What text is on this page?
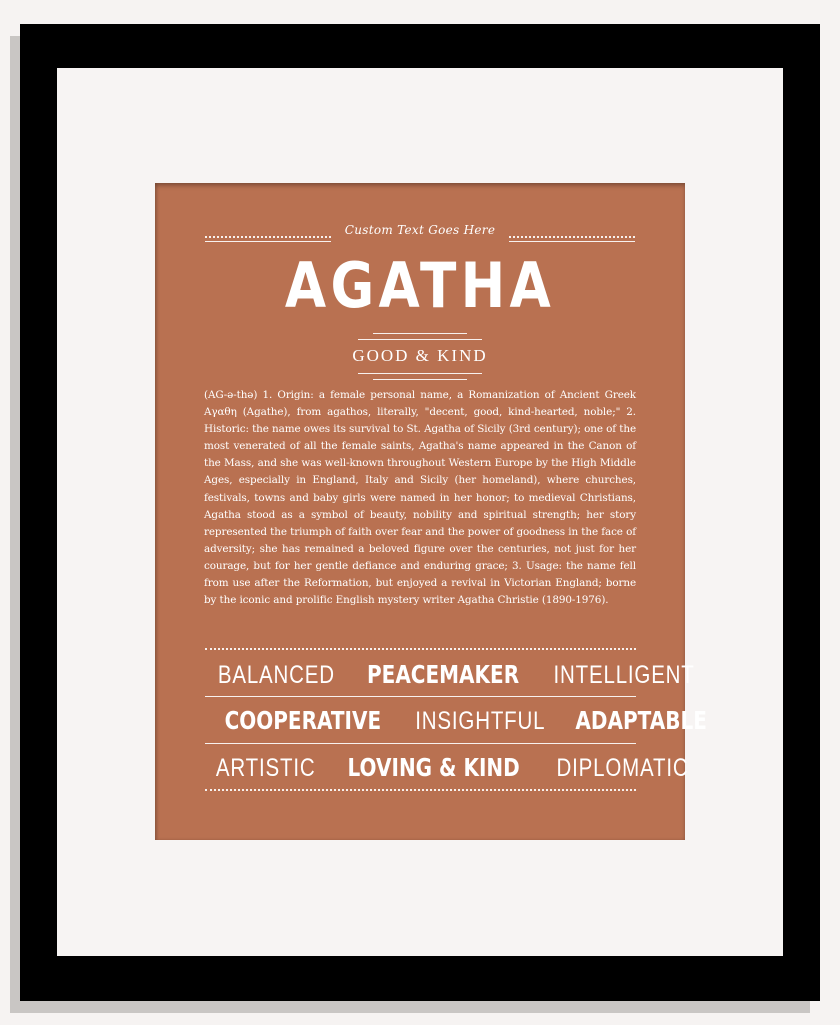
Custom Text Goes Here
AGATHA
GOOD & KIND

(AG-ə-thə) 1. Origin: a female personal name, a Romanization of Ancient Greek Αγαθη (Agathe), from agathos, literally, "decent, good, kind-hearted, noble;" 2. Historic: the name owes its survival to St. Agatha of Sicily (3rd century); one of the most venerated of all the female saints, Agatha's name appeared in the Canon of the Mass, and she was well-known throughout Western Europe by the High Middle Ages, especially in England, Italy and Sicily (her homeland), where churches, festivals, towns and baby girls were named in her honor; to medieval Christians, Agatha stood as a symbol of beauty, nobility and spiritual strength; her story represented the triumph of faith over fear and the power of goodness in the face of adversity; she has remained a beloved figure over the centuries, not just for her courage, but for her gentle defiance and enduring grace; 3. Usage: the name fell from use after the Reformation, but enjoyed a revival in Victorian England; borne by the iconic and prolific English mystery writer Agatha Christie (1890-1976).

BALANCED PEACEMAKER INTELLIGENT
COOPERATIVE INSIGHTFUL ADAPTABLE
ARTISTIC LOVING & KIND DIPLOMATIC
